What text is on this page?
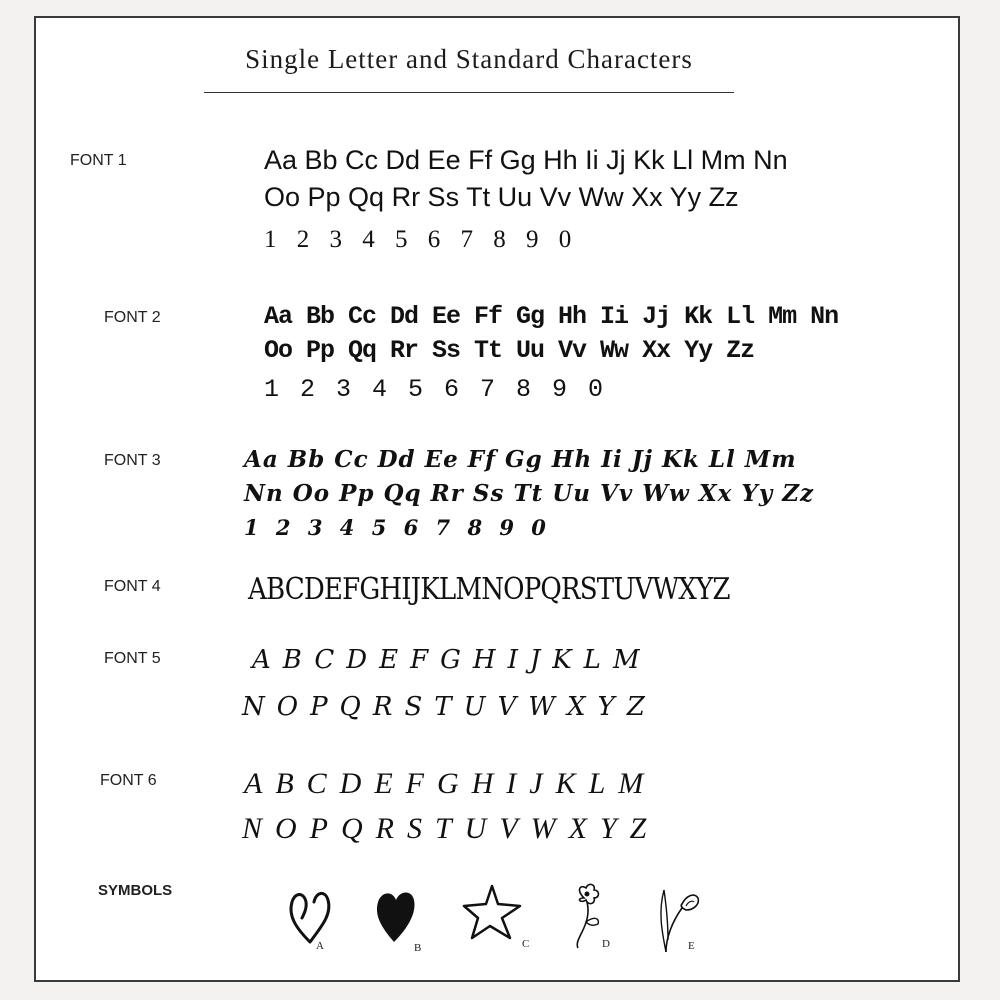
Single Letter and Standard Characters
FONT 1	Aa Bb Cc Dd Ee Ff Gg Hh Ii Jj Kk Ll Mm Nn
Oo Pp Qq Rr Ss Tt Uu Vv Ww Xx Yy Zz
1 2 3 4 5 6 7 8 9 0
FONT 2	Aa Bb Cc Dd Ee Ff Gg Hh Ii Jj Kk Ll Mm Nn
Oo Pp Qq Rr Ss Tt Uu Vv Ww Xx Yy Zz
1 2 3 4 5 6 7 8 9 0
FONT 3	Aa Bb Cc Dd Ee Ff Gg Hh Ii Jj Kk Ll Mm
Nn Oo Pp Qq Rr Ss Tt Uu Vv Ww Xx Yy Zz
1 2 3 4 5 6 7 8 9 0
FONT 4	ABCDEFGHIJKLMNOPQRSTUVWXYZ
FONT 5	ABCDEFGHIJKLM
NOPQRSTUVWXYZ
FONT 6	ABCDEFGHIJKLM
NOPQRSTUVWXYZ
SYMBOLS
A	B	C	D	E
